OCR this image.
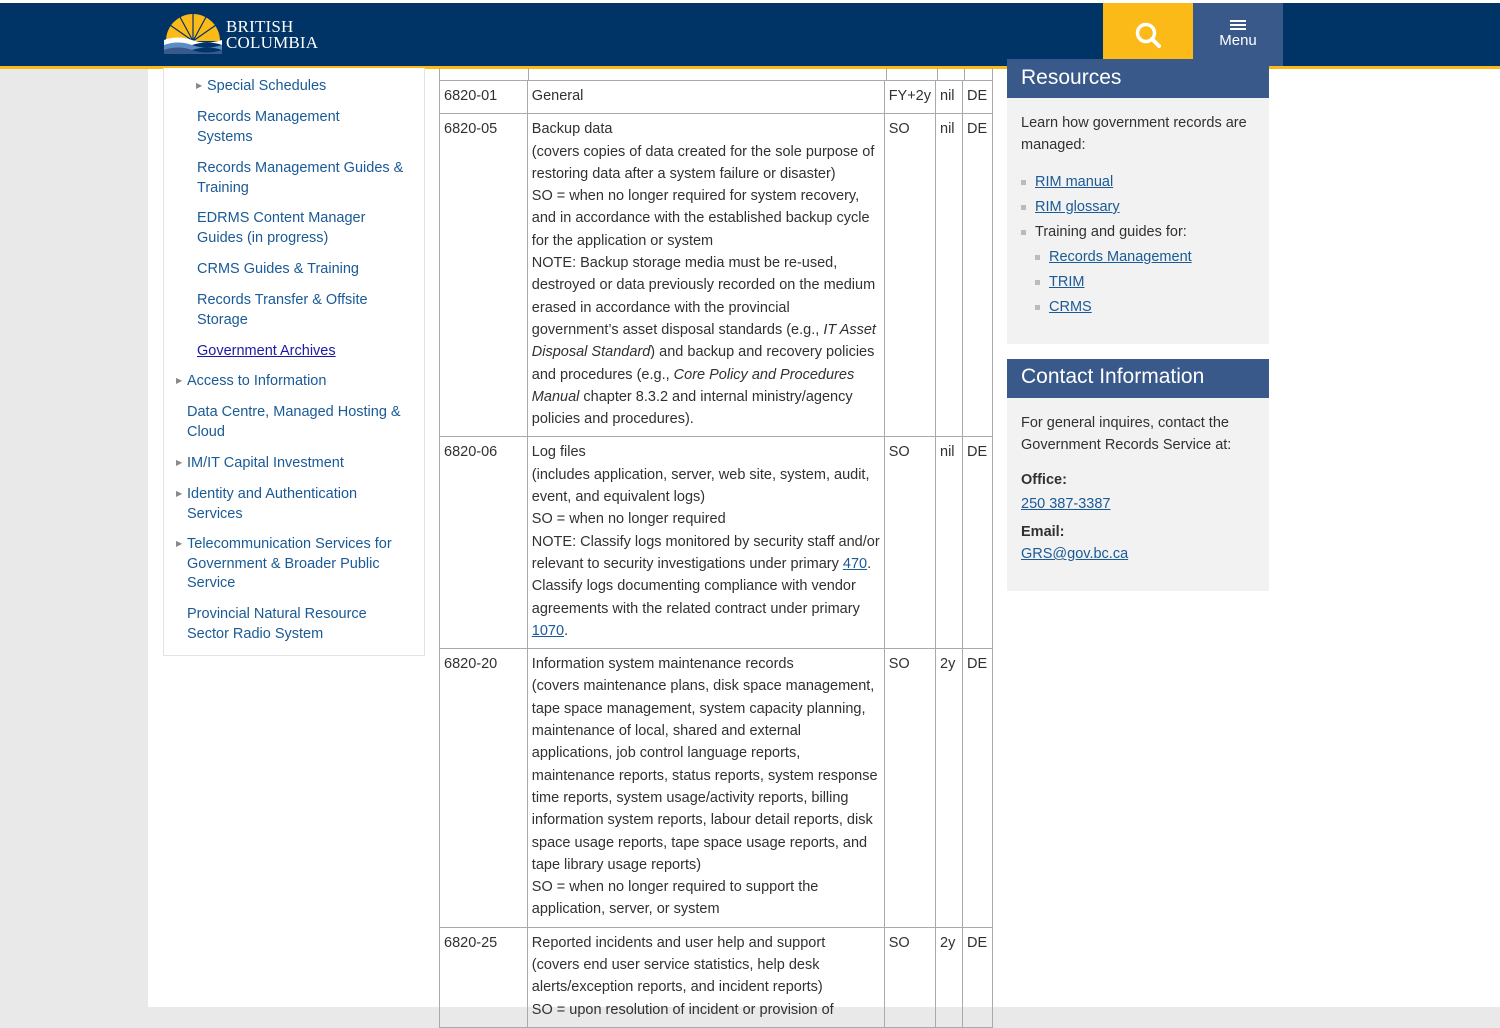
BRITISH
COLUMBIA	Menu
▶ Special Schedules
Records Management Systems
Records Management Guides & Training
EDRMS Content Manager Guides (in progress)
CRMS Guides & Training
Records Transfer & Offsite Storage
Government Archives
▶ Access to Information
Data Centre, Managed Hosting & Cloud
▶ IM/IT Capital Investment
▶ Identity and Authentication Services
▶ Telecommunication Services for Government & Broader Public Service
Provincial Natural Resource Sector Radio System
6820-01	General	FY+2y	nil	DE
6820-05	Backup data
(covers copies of data created for the sole purpose of restoring data after a system failure or disaster)
SO = when no longer required for system recovery, and in accordance with the established backup cycle for the application or system
NOTE: Backup storage media must be re-used, destroyed or data previously recorded on the medium erased in accordance with the provincial government’s asset disposal standards (e.g., IT Asset Disposal Standard) and backup and recovery policies and procedures (e.g., Core Policy and Procedures Manual chapter 8.3.2 and internal ministry/agency policies and procedures).	SO	nil	DE
6820-06	Log files
(includes application, server, web site, system, audit, event, and equivalent logs)
SO = when no longer required
NOTE: Classify logs monitored by security staff and/or relevant to security investigations under primary 470. Classify logs documenting compliance with vendor agreements with the related contract under primary 1070.	SO	nil	DE
6820-20	Information system maintenance records
(covers maintenance plans, disk space management, tape space management, system capacity planning, maintenance of local, shared and external applications, job control language reports, maintenance reports, status reports, system response time reports, system usage/activity reports, billing information system reports, labour detail reports, disk space usage reports, tape space usage reports, and tape library usage reports)
SO = when no longer required to support the application, server, or system	SO	2y	DE
6820-25	Reported incidents and user help and support
(covers end user service statistics, help desk alerts/exception reports, and incident reports)
SO = upon resolution of incident or provision of	SO	2y	DE
Resources
Learn how government records are managed:
RIM manual
RIM glossary
Training and guides for:
Records Management
TRIM
CRMS
Contact Information
For general inquires, contact the Government Records Service at:
Office:
250 387-3387
Email:
GRS@gov.bc.ca
